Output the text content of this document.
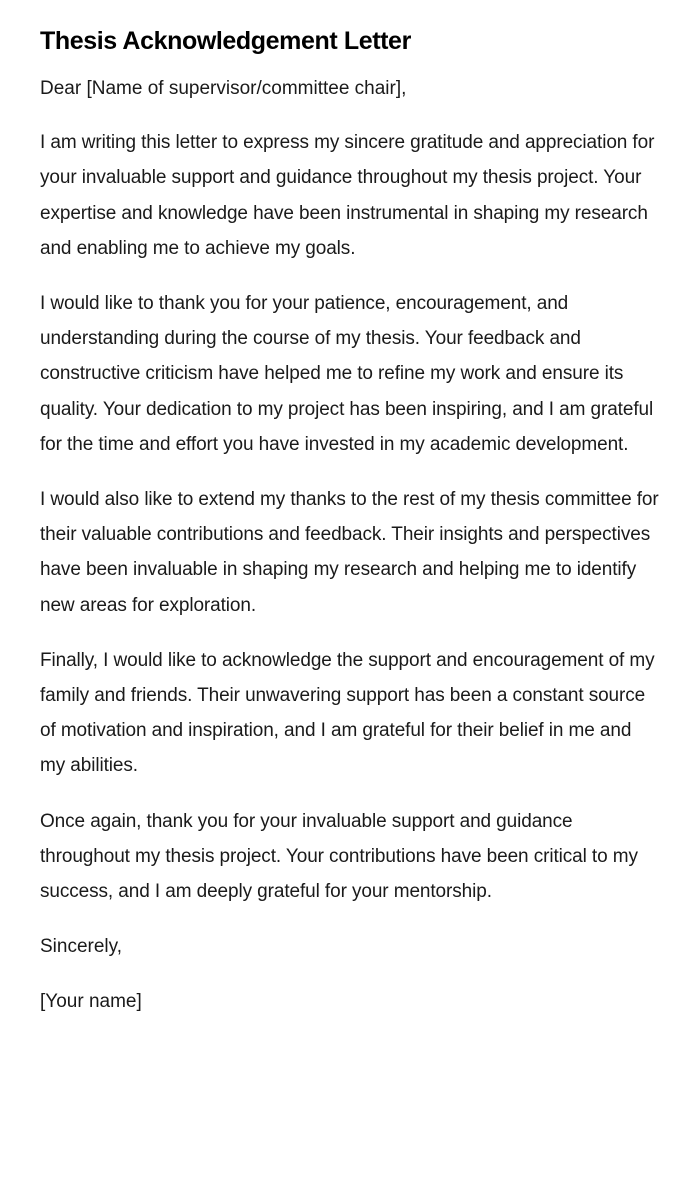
Thesis Acknowledgement Letter

Dear [Name of supervisor/committee chair],

I am writing this letter to express my sincere gratitude and appreciation for your invaluable support and guidance throughout my thesis project. Your expertise and knowledge have been instrumental in shaping my research and enabling me to achieve my goals.

I would like to thank you for your patience, encouragement, and understanding during the course of my thesis. Your feedback and constructive criticism have helped me to refine my work and ensure its quality. Your dedication to my project has been inspiring, and I am grateful for the time and effort you have invested in my academic development.

I would also like to extend my thanks to the rest of my thesis committee for their valuable contributions and feedback. Their insights and perspectives have been invaluable in shaping my research and helping me to identify new areas for exploration.

Finally, I would like to acknowledge the support and encouragement of my family and friends. Their unwavering support has been a constant source of motivation and inspiration, and I am grateful for their belief in me and my abilities.

Once again, thank you for your invaluable support and guidance throughout my thesis project. Your contributions have been critical to my success, and I am deeply grateful for your mentorship.

Sincerely,

[Your name]
